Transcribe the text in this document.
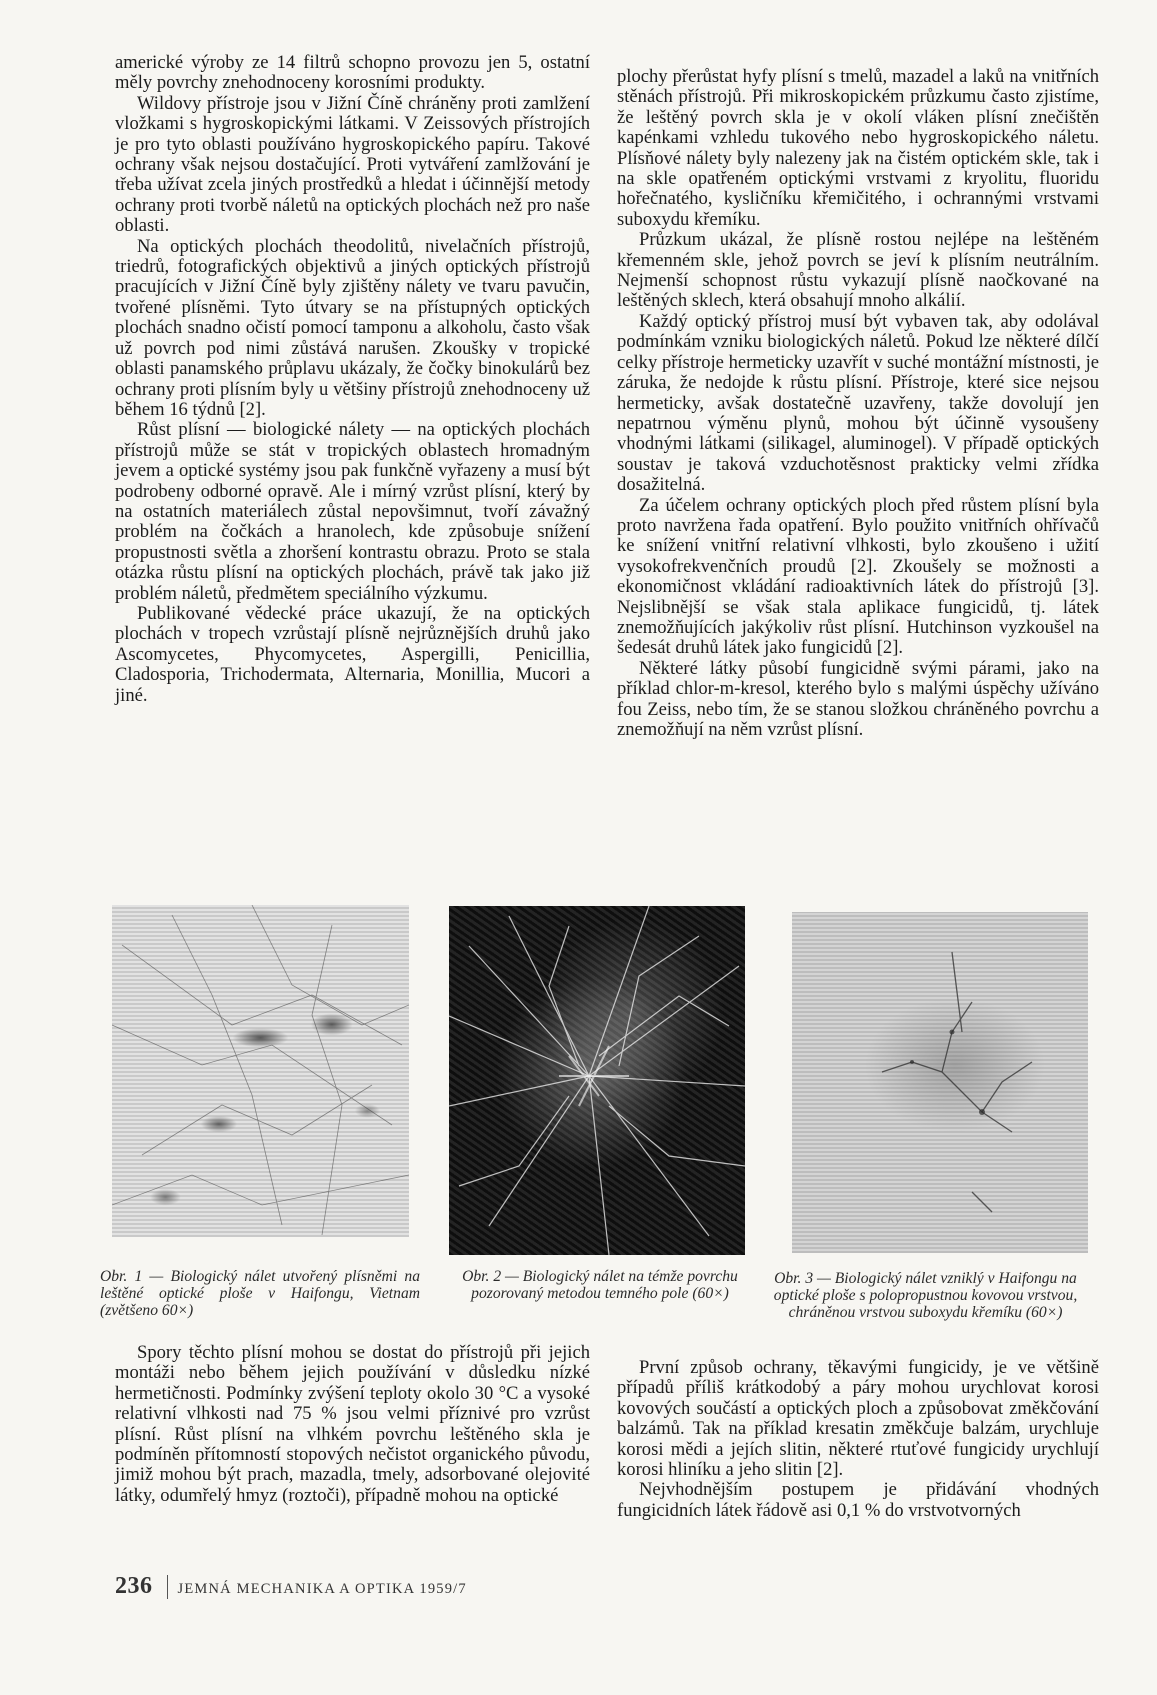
americké výroby ze 14 filtrů schopno provozu jen 5, ostatní měly povrchy znehodnoceny korosními produkty.

Wildovy přístroje jsou v Jižní Číně chráněny proti zamlžení vložkami s hygroskopickými látkami. V Zeissových přístrojích je pro tyto oblasti používáno hygroskopického papíru. Takové ochrany však nejsou dostačující. Proti vytváření zamlžování je třeba užívat zcela jiných prostředků a hledat i účinnější metody ochrany proti tvorbě náletů na optických plochách než pro naše oblasti.

Na optických plochách theodolitů, nivelačních přístrojů, triedrů, fotografických objektivů a jiných optických přístrojů pracujících v Jižní Číně byly zjištěny nálety ve tvaru pavučin, tvořené plísněmi. Tyto útvary se na přístupných optických plochách snadno očistí pomocí tamponu a alkoholu, často však už povrch pod nimi zůstává narušen. Zkoušky v tropické oblasti panamského průplavu ukázaly, že čočky binokulárů bez ochrany proti plísním byly u většiny přístrojů znehodnoceny už během 16 týdnů [2].

Růst plísní — biologické nálety — na optických plochách přístrojů může se stát v tropických oblastech hromadným jevem a optické systémy jsou pak funkčně vyřazeny a musí být podrobeny odborné opravě. Ale i mírný vzrůst plísní, který by na ostatních materiálech zůstal nepovšimnut, tvoří závažný problém na čočkách a hranolech, kde způsobuje snížení propustnosti světla a zhoršení kontrastu obrazu. Proto se stala otázka růstu plísní na optických plochách, právě tak jako již problém náletů, předmětem speciálního výzkumu.

Publikované vědecké práce ukazují, že na optických plochách v tropech vzrůstají plísně nejrůznějších druhů jako Ascomycetes, Phycomycetes, Aspergilli, Penicillia, Cladosporia, Trichodermata, Alternaria, Monillia, Mucori a jiné.

plochy přerůstat hyfy plísní s tmelů, mazadel a laků na vnitřních stěnách přístrojů. Při mikroskopickém průzkumu často zjistíme, že leštěný povrch skla je v okolí vláken plísní znečištěn kapénkami vzhledu tukového nebo hygroskopického náletu. Plísňové nálety byly nalezeny jak na čistém optickém skle, tak i na skle opatřeném optickými vrstvami z kryolitu, fluoridu hořečnatého, kysličníku křemičitého, i ochrannými vrstvami suboxydu křemíku.

Průzkum ukázal, že plísně rostou nejlépe na leštěném křemenném skle, jehož povrch se jeví k plísním neutrálním. Nejmenší schopnost růstu vykazují plísně naočkované na leštěných sklech, která obsahují mnoho alkálií.

Každý optický přístroj musí být vybaven tak, aby odolával podmínkám vzniku biologických náletů. Pokud lze některé dílčí celky přístroje hermeticky uzavřít v suché montážní místnosti, je záruka, že nedojde k růstu plísní. Přístroje, které sice nejsou hermeticky, avšak dostatečně uzavřeny, takže dovolují jen nepatrnou výměnu plynů, mohou být účinně vysoušeny vhodnými látkami (silikagel, aluminogel). V případě optických soustav je taková vzduchotěsnost prakticky velmi zřídka dosažitelná.

Za účelem ochrany optických ploch před růstem plísní byla proto navržena řada opatření. Bylo použito vnitřních ohřívačů ke snížení vnitřní relativní vlhkosti, bylo zkoušeno i užití vysokofrekvenčních proudů [2]. Zkoušely se možnosti a ekonomičnost vkládání radioaktivních látek do přístrojů [3]. Nejslibnější se však stala aplikace fungicidů, tj. látek znemožňujících jakýkoliv růst plísní. Hutchinson vyzkoušel na šedesát druhů látek jako fungicidů [2].

Některé látky působí fungicidně svými párami, jako na příklad chlor-m-kresol, kterého bylo s malými úspěchy užíváno fou Zeiss, nebo tím, že se stanou složkou chráněného povrchu a znemožňují na něm vzrůst plísní.

Obr. 1 — Biologický nálet utvořený plísněmi na leštěné optické ploše v Haifongu, Vietnam (zvětšeno 60×)
Obr. 2 — Biologický nálet na témže povrchu pozorovaný metodou temného pole (60×)
Obr. 3 — Biologický nálet vzniklý v Haifongu na optické ploše s polopropustnou kovovou vrstvou, chráněnou vrstvou suboxydu křemíku (60×)

Spory těchto plísní mohou se dostat do přístrojů při jejich montáži nebo během jejich používání v důsledku nízké hermetičnosti. Podmínky zvýšení teploty okolo 30 °C a vysoké relativní vlhkosti nad 75 % jsou velmi příznivé pro vzrůst plísní. Růst plísní na vlhkém povrchu leštěného skla je podmíněn přítomností stopových nečistot organického původu, jimiž mohou být prach, mazadla, tmely, adsorbované olejovité látky, odumřelý hmyz (roztoči), případně mohou na optické

První způsob ochrany, těkavými fungicidy, je ve většině případů příliš krátkodobý a páry mohou urychlovat korosi kovových součástí a optických ploch a způsobovat změkčování balzámů. Tak na příklad kresatin změkčuje balzám, urychluje korosi mědi a jejích slitin, některé rtuťové fungicidy urychlují korosi hliníku a jeho slitin [2].

Nejvhodnějším postupem je přidávání vhodných fungicidních látek řádově asi 0,1 % do vrstvotvorných

236 JEMNÁ MECHANIKA A OPTIKA 1959/7
